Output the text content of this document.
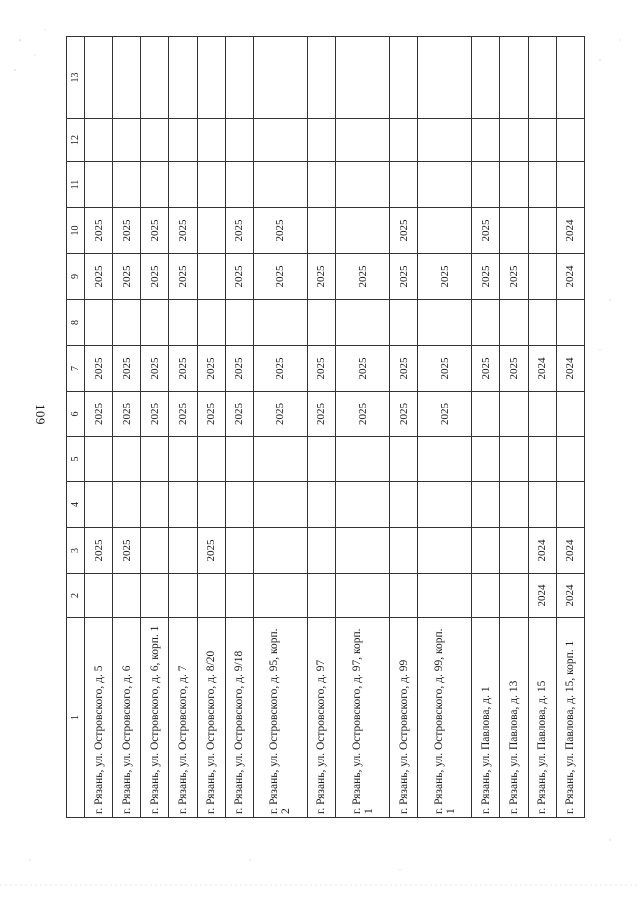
109
1	2	3	4	5	6	7	8	9	10	11	12	13
г. Рязань, ул. Островского, д. 5		2025			2025	2025		2025	2025			
г. Рязань, ул. Островского, д. 6		2025			2025	2025		2025	2025			
г. Рязань, ул. Островского, д. 6, корп. 1					2025	2025		2025	2025			
г. Рязань, ул. Островского, д. 7					2025	2025		2025	2025			
г. Рязань, ул. Островского, д. 8/20		2025			2025	2025						
г. Рязань, ул. Островского, д. 9/18					2025	2025		2025	2025			
г. Рязань, ул. Островского, д. 95, корп. 2					2025	2025		2025	2025			
г. Рязань, ул. Островского, д. 97					2025	2025		2025				
г. Рязань, ул. Островского, д. 97, корп. 1					2025	2025		2025				
г. Рязань, ул. Островского, д. 99					2025	2025		2025	2025			
г. Рязань, ул. Островского, д. 99, корп. 1					2025	2025		2025				
г. Рязань, ул. Павлова, д. 1						2025		2025	2025			
г. Рязань, ул. Павлова, д. 13						2025		2025				
г. Рязань, ул. Павлова, д. 15	2024	2024				2024						
г. Рязань, ул. Павлова, д. 15, корп. 1	2024	2024				2024		2024	2024			
